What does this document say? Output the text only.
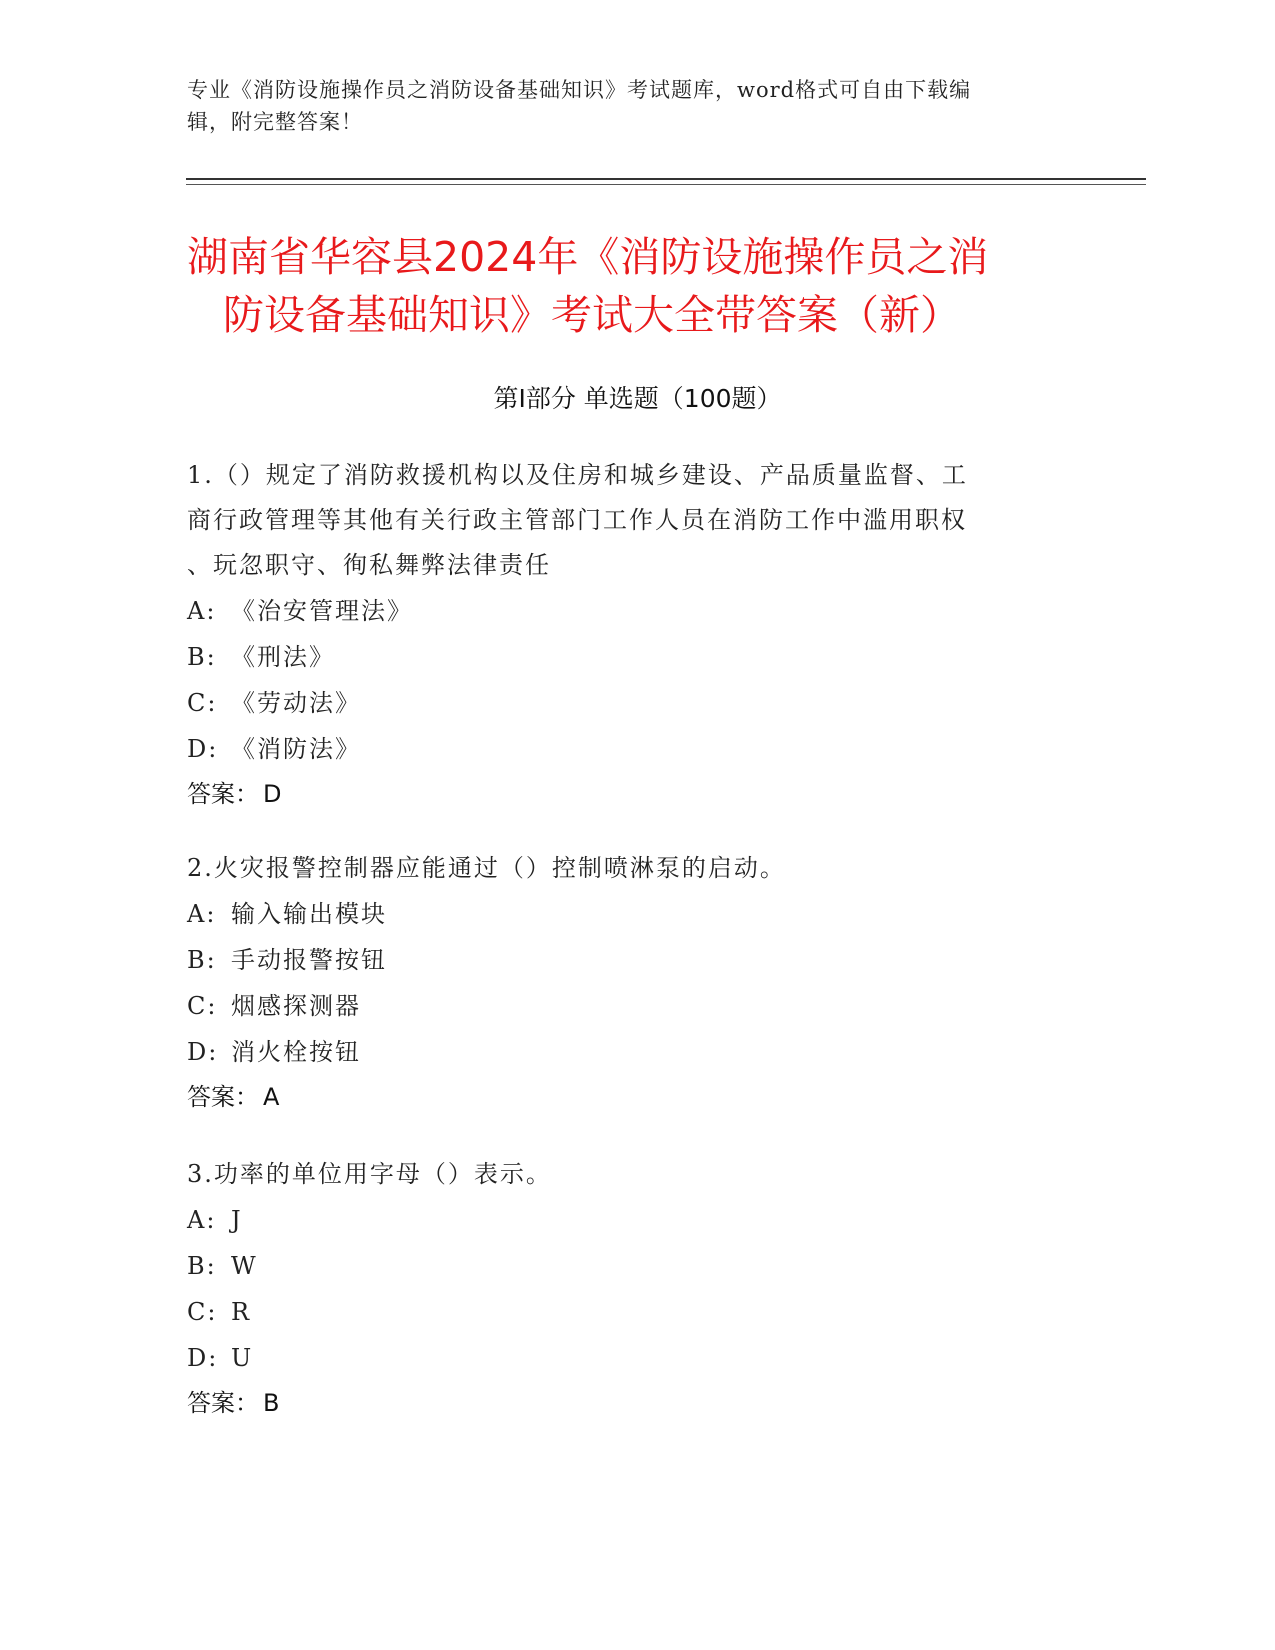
专业《消防设施操作员之消防设备基础知识》考试题库，word格式可自由下载编
辑，附完整答案！
湖南省华容县2024年《消防设施操作员之消
防设备基础知识》考试大全带答案（新）
第Ⅰ部分 单选题（100题）

1.（）规定了消防救援机构以及住房和城乡建设、产品质量监督、工
商行政管理等其他有关行政主管部门工作人员在消防工作中滥用职权
、玩忽职守、徇私舞弊法律责任

A: 《治安管理法》
B: 《刑法》
C: 《劳动法》
D: 《消防法》
答案： D

2.火灾报警控制器应能通过（）控制喷淋泵的启动。

A: 输入输出模块
B: 手动报警按钮
C: 烟感探测器
D: 消火栓按钮
答案： A

3.功率的单位用字母（）表示。

A: J
B: W
C: R
D: U
答案： B
